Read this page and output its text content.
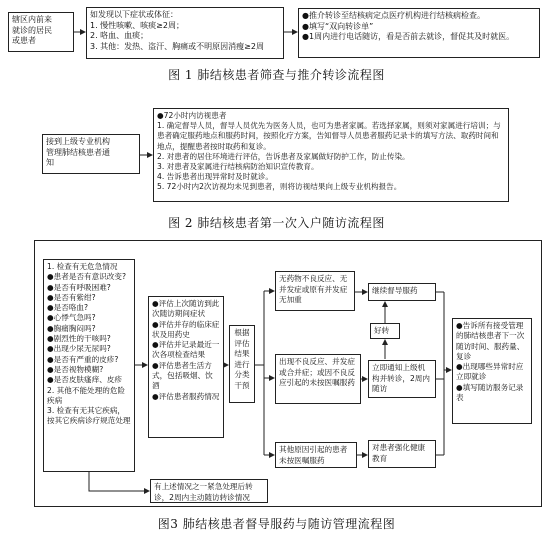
辖区内前来
就诊的居民
或患者
如发现以下症状或体征：
1. 慢性咳嗽、咳痰≥2周；
2. 咯血、血痰；
3. 其他：发热、盗汗、胸痛或不明原因消瘦≥2周
●推介转诊至结核病定点医疗机构进行结核病检查。
●填写“双向转诊单”
●1周内进行电话随访，看是否前去就诊，督促其及时就医。
图 1 肺结核患者筛查与推介转诊流程图
接到上级专业机构
管理肺结核患者通
知
●72小时内访视患者
1. 确定督导人员，督导人员优先为医务人员，也可为患者家属。若选择家属，则须对家属进行培训；与患者确定服药地点和服药时间，按照化疗方案，告知督导人员患者服药记录卡的填写方法、取药时间和地点，提醒患者按时取药和复诊。
2. 对患者的居住环境进行评估，告诉患者及家属做好防护工作，防止传染。
3. 对患者及家属进行结核病防治知识宣传教育。
4. 告诉患者出现异常时及时就诊。
5. 72小时内2次访视均未见到患者，则将访视结果向上级专业机构报告。
图 2 肺结核患者第一次入户随访流程图
1. 检查有无危急情况
●患者是否有意识改变?
●是否有呼吸困难?
●是否有紫绀?
●是否咯血?
●心悸气急吗?
●胸痛胸闷吗?
●剧烈性的干咳吗?
●出现少尿无尿吗?
●是否有严重的皮疹?
●是否视物模糊?
●是否皮肤瘙痒、皮疹
2. 其他不能处理的危险疾病
3. 检查有无其它疾病，按其它疾病诊疗规范处理
有上述情况之一紧急处理后转诊，2周内主动随访转诊情况
●评估上次随访到此次随访期间症状
●评估并存的临床症状及用药史
●评估并记录最近一次各项检查结果
●评估患者生活方式，包括吸烟、饮酒
●评估患者服药情况
根据
评估
结果
进行
分类
干预
无药物不良反应、无并发症或原有并发症无加重
出现不良反应、并发症或合并症；或因不良反应引起的未按医嘱服药
其他原因引起的患者未按医嘱服药
继续督导服药
好转
立即通知上级机构并转诊，2周内随访
对患者强化健康教育
●告诉所有接受管理的肺结核患者下一次随访时间、服药量、复诊
●出现哪些异常时应立即就诊
●填写随访服务记录表
图3 肺结核患者督导服药与随访管理流程图
